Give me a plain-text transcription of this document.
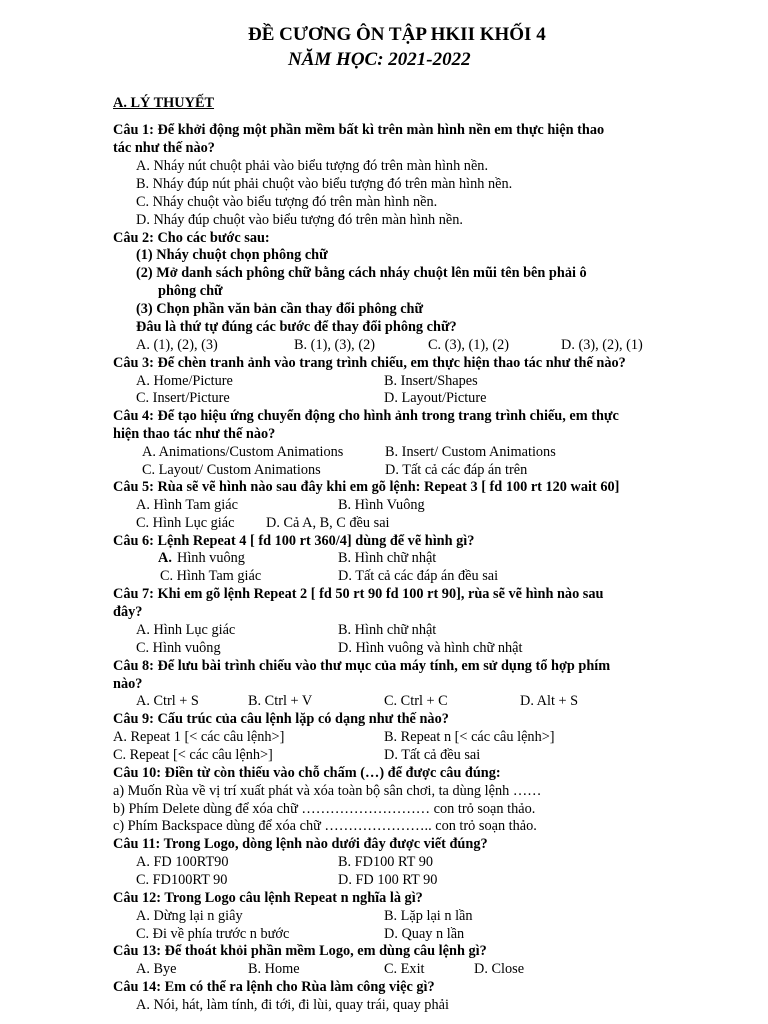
ĐỀ CƯƠNG ÔN TẬP HKII KHỐI 4
NĂM HỌC: 2021-2022
A. LÝ THUYẾT
Câu 1: Để khởi động một phần mềm bất kì trên màn hình nền em thực hiện thao
tác như thế nào?
A. Nháy nút chuột phải vào biểu tượng đó trên màn hình nền.
B. Nháy đúp nút phải chuột vào biểu tượng đó trên màn hình nền.
C. Nháy chuột vào biểu tượng đó trên màn hình nền.
D. Nháy đúp chuột vào biểu tượng đó trên màn hình nền.
Câu 2: Cho các bước sau:
(1) Nháy chuột chọn phông chữ
(2) Mở danh sách phông chữ bằng cách nháy chuột lên mũi tên bên phải ô
phông chữ
(3) Chọn phần văn bản cần thay đổi phông chữ
Đâu là thứ tự đúng các bước để thay đổi phông chữ?
A. (1), (2), (3)	B. (1), (3), (2)	C. (3), (1), (2)	D. (3), (2), (1)
Câu 3: Để chèn tranh ảnh vào trang trình chiếu, em thực hiện thao tác như thế nào?
A. Home/Picture	B. Insert/Shapes
C. Insert/Picture	D. Layout/Picture
Câu 4: Để tạo hiệu ứng chuyển động cho hình ảnh trong trang trình chiếu, em thực
hiện thao tác như thế nào?
A. Animations/Custom Animations	B. Insert/ Custom Animations
C. Layout/ Custom Animations	D. Tất cả các đáp án trên
Câu 5: Rùa sẽ vẽ hình nào sau đây khi em gõ lệnh: Repeat 3 [ fd 100 rt 120 wait 60]
A. Hình Tam giác	B. Hình Vuông
C. Hình Lục giác D. Cả A, B, C đều sai
Câu 6: Lệnh Repeat 4 [ fd 100 rt 360/4] dùng để vẽ hình gì?
A. Hình vuông	B. Hình chữ nhật
C. Hình Tam giác	D. Tất cả các đáp án đều sai
Câu 7: Khi em gõ lệnh Repeat 2 [ fd 50 rt 90 fd 100 rt 90], rùa sẽ vẽ hình nào sau
đây?
A. Hình Lục giác	B. Hình chữ nhật
C. Hình vuông	D. Hình vuông và hình chữ nhật
Câu 8: Để lưu bài trình chiếu vào thư mục của máy tính, em sử dụng tổ hợp phím
nào?
A. Ctrl + S	B. Ctrl + V	C. Ctrl + C	D. Alt + S
Câu 9: Cấu trúc của câu lệnh lặp có dạng như thế nào?
A. Repeat 1 [< các câu lệnh>]	B. Repeat n [< các câu lệnh>]
C. Repeat [< các câu lệnh>]	D. Tất cả đều sai
Câu 10: Điền từ còn thiếu vào chỗ chấm (…) để được câu đúng:
a) Muốn Rùa về vị trí xuất phát và xóa toàn bộ sân chơi, ta dùng lệnh ……
b) Phím Delete dùng để xóa chữ ……………………… con trỏ soạn thảo.
c) Phím Backspace dùng để xóa chữ ………………….. con trỏ soạn thảo.
Câu 11: Trong Logo, dòng lệnh nào dưới đây được viết đúng?
A. FD 100RT90	B. FD100 RT 90
C. FD100RT 90	D. FD 100 RT 90
Câu 12: Trong Logo câu lệnh Repeat n nghĩa là gì?
A. Dừng lại n giây	B. Lặp lại n lần
C. Đi về phía trước n bước	D. Quay n lần
Câu 13: Để thoát khỏi phần mềm Logo, em dùng câu lệnh gì?
A. Bye	B. Home	C. Exit	D. Close
Câu 14: Em có thể ra lệnh cho Rùa làm công việc gì?
A. Nói, hát, làm tính, đi tới, đi lùi, quay trái, quay phải
